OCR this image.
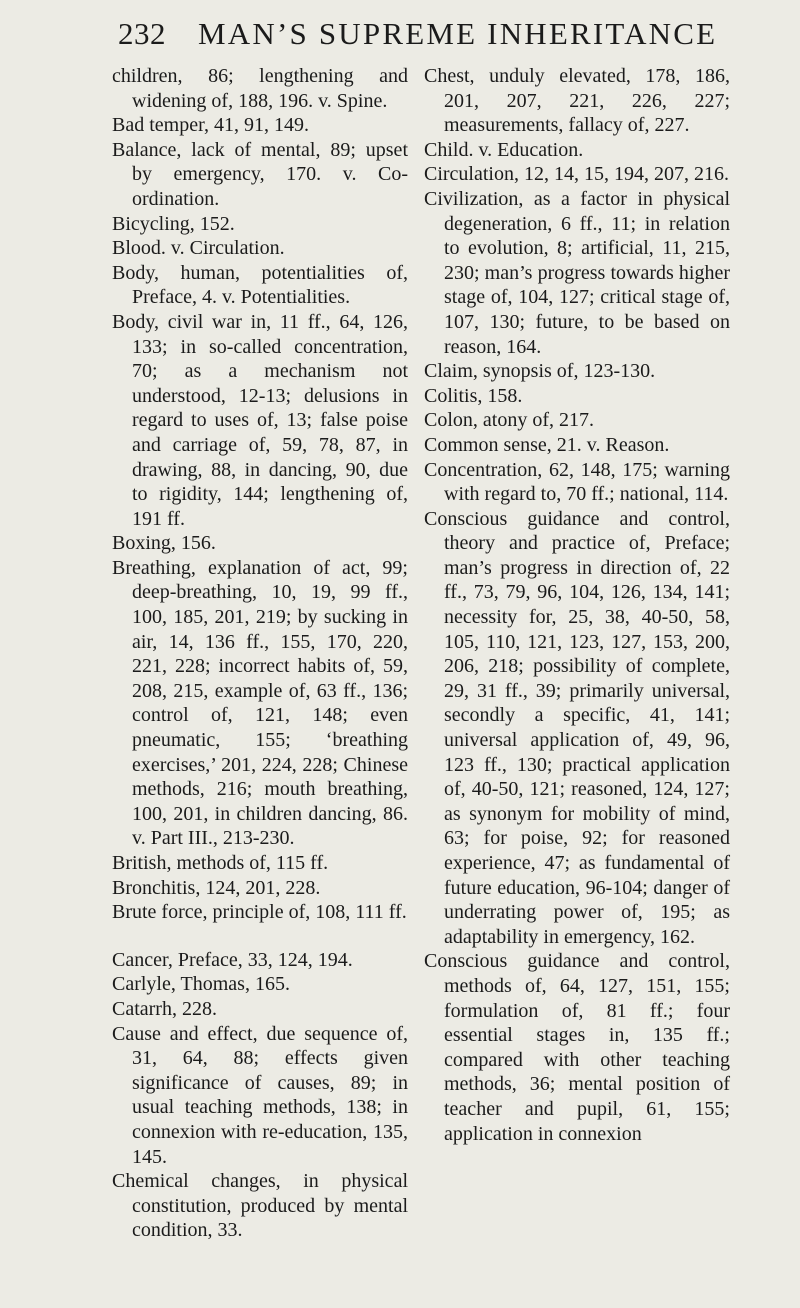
232	MAN’S SUPREME INHERITANCE

children, 86; lengthening and widening of, 188, 196. v. Spine.

Bad temper, 41, 91, 149.

Balance, lack of mental, 89; upset by emergency, 170. v. Co-ordination.

Bicycling, 152.

Blood. v. Circulation.

Body, human, potentialities of, Preface, 4. v. Potentialities.

Body, civil war in, 11 ff., 64, 126, 133; in so-called concentration, 70; as a mechanism not understood, 12-13; delusions in regard to uses of, 13; false poise and carriage of, 59, 78, 87, in drawing, 88, in dancing, 90, due to rigidity, 144; lengthening of, 191 ff.

Boxing, 156.

Breathing, explanation of act, 99; deep-breathing, 10, 19, 99 ff., 100, 185, 201, 219; by sucking in air, 14, 136 ff., 155, 170, 220, 221, 228; incorrect habits of, 59, 208, 215, example of, 63 ff., 136; control of, 121, 148; even pneumatic, 155; ‘breathing exercises,’ 201, 224, 228; Chinese methods, 216; mouth breathing, 100, 201, in children dancing, 86. v. Part III., 213-230.

British, methods of, 115 ff.

Bronchitis, 124, 201, 228.

Brute force, principle of, 108, 111 ff.

Cancer, Preface, 33, 124, 194.

Carlyle, Thomas, 165.

Catarrh, 228.

Cause and effect, due sequence of, 31, 64, 88; effects given significance of causes, 89; in usual teaching methods, 138; in connexion with re-education, 135, 145.

Chemical changes, in physical constitution, produced by mental condition, 33.

Chest, unduly elevated, 178, 186, 201, 207, 221, 226, 227; measurements, fallacy of, 227.

Child. v. Education.

Circulation, 12, 14, 15, 194, 207, 216.

Civilization, as a factor in physical degeneration, 6 ff., 11; in relation to evolution, 8; artificial, 11, 215, 230; man’s progress towards higher stage of, 104, 127; critical stage of, 107, 130; future, to be based on reason, 164.

Claim, synopsis of, 123-130.

Colitis, 158.

Colon, atony of, 217.

Common sense, 21. v. Reason.

Concentration, 62, 148, 175; warning with regard to, 70 ff.; national, 114.

Conscious guidance and control, theory and practice of, Preface; man’s progress in direction of, 22 ff., 73, 79, 96, 104, 126, 134, 141; necessity for, 25, 38, 40-50, 58, 105, 110, 121, 123, 127, 153, 200, 206, 218; possibility of complete, 29, 31 ff., 39; primarily universal, secondly a specific, 41, 141; universal application of, 49, 96, 123 ff., 130; practical application of, 40-50, 121; reasoned, 124, 127; as synonym for mobility of mind, 63; for poise, 92; for reasoned experience, 47; as fundamental of future education, 96-104; danger of underrating power of, 195; as adaptability in emergency, 162.

Conscious guidance and control, methods of, 64, 127, 151, 155; formulation of, 81 ff.; four essential stages in, 135 ff.; compared with other teaching methods, 36; mental position of teacher and pupil, 61, 155; application in connexion
